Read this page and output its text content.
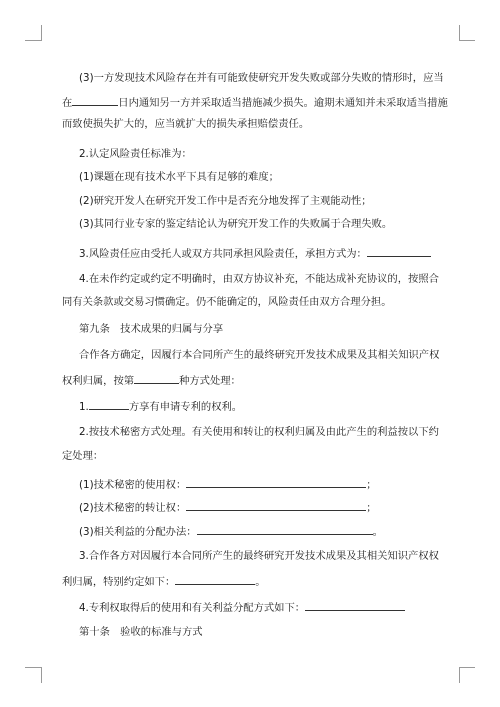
(3)一方发现技术风险存在并有可能致使研究开发失败或部分失败的情形时，应当
在	日内通知另一方并采取适当措施减少损失。逾期未通知并未采取适当措施
而致使损失扩大的，应当就扩大的损失承担赔偿责任。
2.认定风险责任标准为：
(1)课题在现有技术水平下具有足够的难度；
(2)研究开发人在研究开发工作中是否充分地发挥了主观能动性；
(3)其同行业专家的鉴定结论认为研究开发工作的失败属于合理失败。
3.风险责任应由受托人或双方共同承担风险责任，承担方式为：
4.在未作约定或约定不明确时，由双方协议补充，不能达成补充协议的，按照合
同有关条款或交易习惯确定。仍不能确定的，风险责任由双方合理分担。
第九条　技术成果的归属与分享
合作各方确定，因履行本合同所产生的最终研究开发技术成果及其相关知识产权
权利归属，按第	种方式处理：
1.	方享有申请专利的权利。
2.按技术秘密方式处理。有关使用和转让的权利归属及由此产生的利益按以下约
定处理：
(1)技术秘密的使用权：	；
(2)技术秘密的转让权：	；
(3)相关利益的分配办法：	。
3.合作各方对因履行本合同所产生的最终研究开发技术成果及其相关知识产权权
利归属，特别约定如下：	。
4.专利权取得后的使用和有关利益分配方式如下：
第十条　验收的标准与方式
